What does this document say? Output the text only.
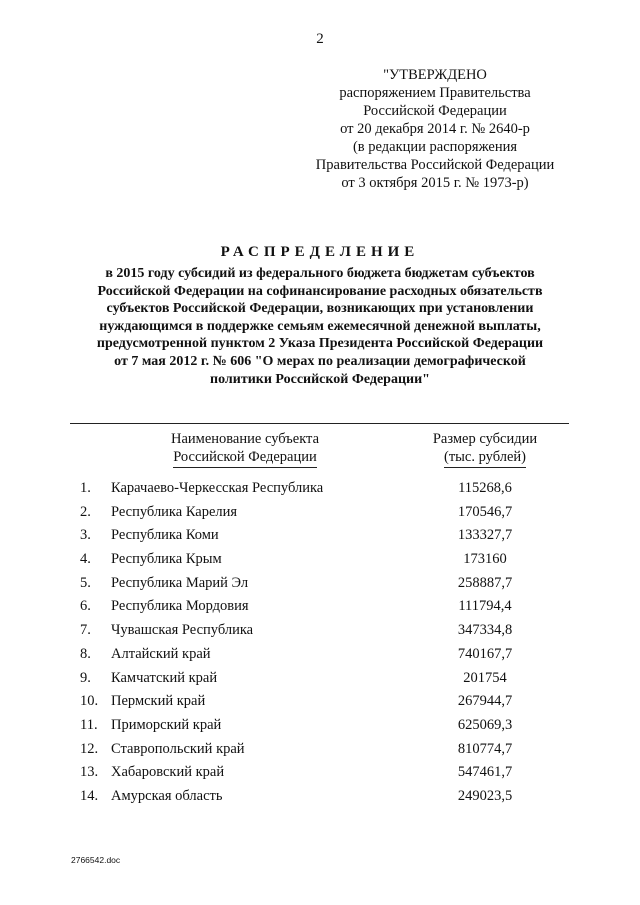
2
"УТВЕРЖДЕНО
распоряжением Правительства
Российской Федерации
от 20 декабря 2014 г. № 2640-р
(в редакции распоряжения
Правительства Российской Федерации
от 3 октября 2015 г. № 1973-р)
РАСПРЕДЕЛЕНИЕ
в 2015 году субсидий из федерального бюджета бюджетам субъектов
Российской Федерации на софинансирование расходных обязательств
субъектов Российской Федерации, возникающих при установлении
нуждающимся в поддержке семьям ежемесячной денежной выплаты,
предусмотренной пунктом 2 Указа Президента Российской Федерации
от 7 мая 2012 г. № 606 "О мерах по реализации демографической
политики Российской Федерации"
Наименование субъекта
Российской Федерации
Размер субсидии
(тыс. рублей)
1. Карачаево-Черкесская Республика	115268,6
2. Республика Карелия	170546,7
3. Республика Коми	133327,7
4. Республика Крым	173160
5. Республика Марий Эл	258887,7
6. Республика Мордовия	111794,4
7. Чувашская Республика	347334,8
8. Алтайский край	740167,7
9. Камчатский край	201754
10. Пермский край	267944,7
11. Приморский край	625069,3
12. Ставропольский край	810774,7
13. Хабаровский край	547461,7
14. Амурская область	249023,5
2766542.doc
